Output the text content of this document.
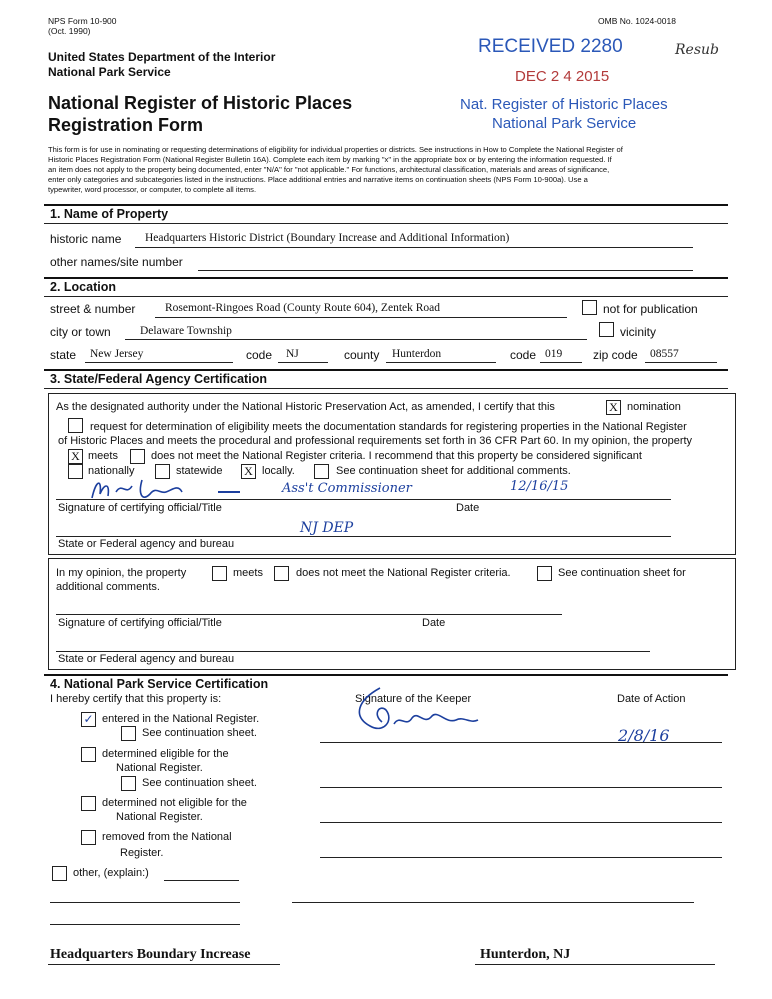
NPS Form 10-900
(Oct. 1990)
OMB No. 1024-0018
United States Department of the Interior
National Park Service
National Register of Historic Places
Registration Form
RECEIVED 2280	Resub
DEC 2 4 2015
Nat. Register of Historic Places
National Park Service
This form is for use in nominating or requesting determinations of eligibility for individual properties or districts. See instructions in How to Complete the National Register of
Historic Places Registration Form (National Register Bulletin 16A). Complete each item by marking "x" in the appropriate box or by entering the information requested. If
an item does not apply to the property being documented, enter "N/A" for "not applicable." For functions, architectural classification, materials and areas of significance,
enter only categories and subcategories listed in the instructions. Place additional entries and narrative items on continuation sheets (NPS Form 10-900a). Use a
typewriter, word processor, or computer, to complete all items.
1. Name of Property
historic name Headquarters Historic District (Boundary Increase and Additional Information)
other names/site number
2. Location
street & number	Rosemont-Ringoes Road (County Route 604), Zentek Road	not for publication
city or town	Delaware Township	vicinity
state New Jersey	code NJ	county Hunterdon	code 019	zip code 08557
3. State/Federal Agency Certification
As the designated authority under the National Historic Preservation Act, as amended, I certify that this	X nomination
request for determination of eligibility meets the documentation standards for registering properties in the National Register
of Historic Places and meets the procedural and professional requirements set forth in 36 CFR Part 60. In my opinion, the property
X meets	does not meet the National Register criteria. I recommend that this property be considered significant
nationally	statewide X locally.	See continuation sheet for additional comments.
Ass't Commissioner	12/16/15
Signature of certifying official/Title	Date
NJ DEP
State or Federal agency and bureau
In my opinion, the property	meets	does not meet the National Register criteria.	See continuation sheet for
additional comments.
Signature of certifying official/Title	Date
State or Federal agency and bureau
4. National Park Service Certification
I hereby certify that this property is:	Signature of the Keeper	Date of Action
✓ entered in the National Register.
See continuation sheet.	2/8/16
determined eligible for the
National Register.
See continuation sheet.
determined not eligible for the
National Register.
removed from the National
Register.
other, (explain:)
Headquarters Boundary Increase	Hunterdon, NJ
